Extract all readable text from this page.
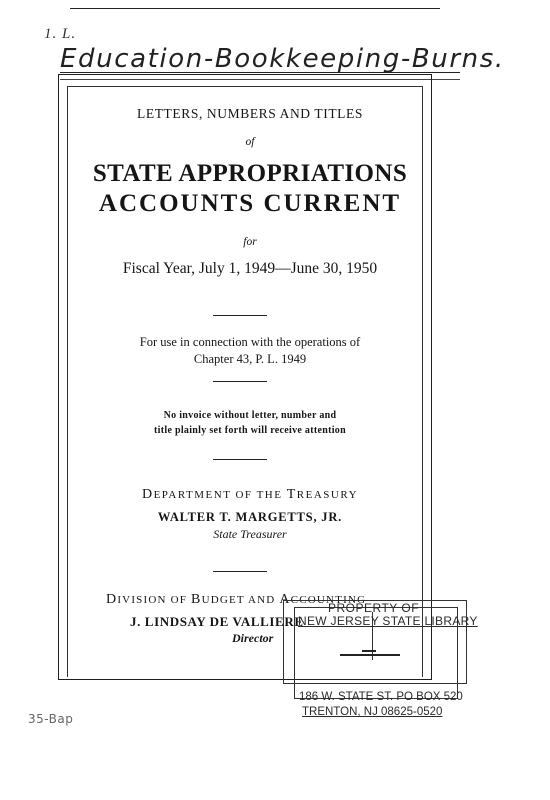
1. L.
Education-Bookkeeping-Burns.
LETTERS, NUMBERS AND TITLES
of
STATE APPROPRIATIONS
ACCOUNTS CURRENT
for
Fiscal Year, July 1, 1949—June 30, 1950
For use in connection with the operations of
Chapter 43, P. L. 1949
No invoice without letter, number and
title plainly set forth will receive attention
DEPARTMENT OF THE TREASURY
WALTER T. MARGETTS, JR.
State Treasurer
DIVISION OF BUDGET AND ACCOUNTING
J. LINDSAY DE VALLIERE
Director
PROPERTY OF
NEW JERSEY STATE LIBRARY
186 W. STATE ST. PO BOX 520
TRENTON, NJ 08625-0520
35-Bap
